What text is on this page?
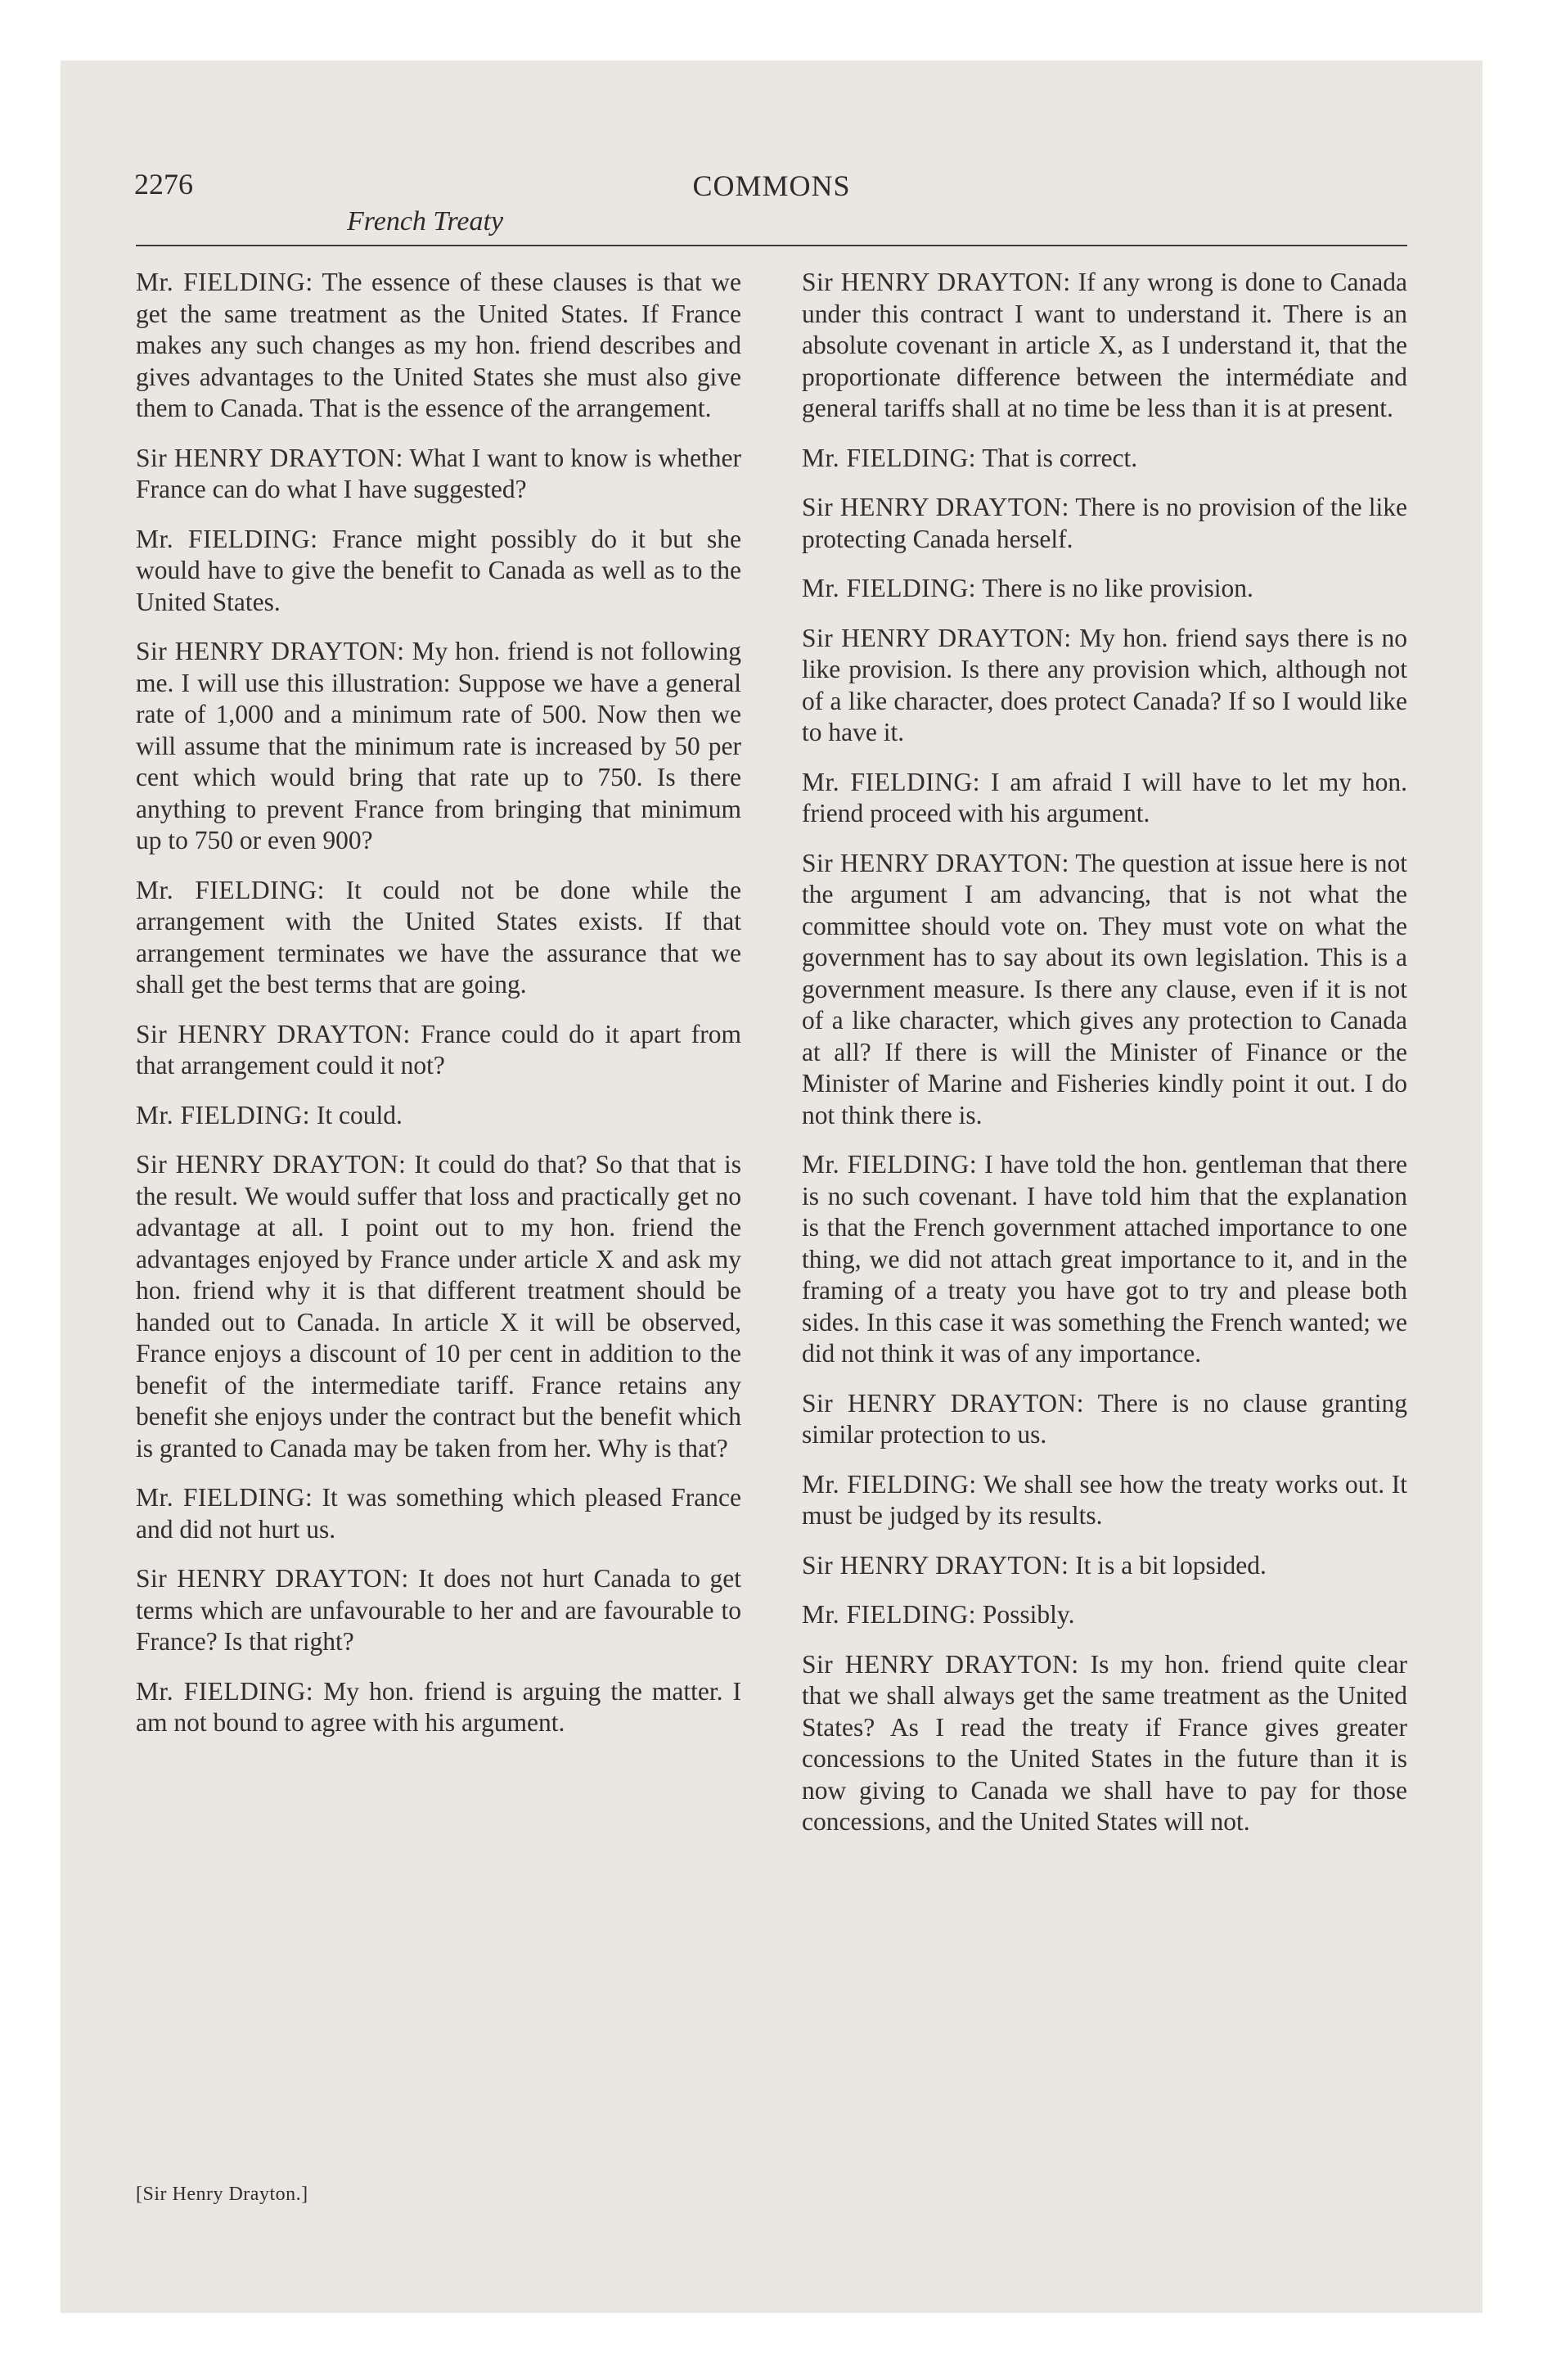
2276	COMMONS
French Treaty

Mr. FIELDING: The essence of these clauses is that we get the same treatment as the United States. If France makes any such changes as my hon. friend describes and gives advantages to the United States she must also give them to Canada. That is the essence of the arrangement.

Sir HENRY DRAYTON: What I want to know is whether France can do what I have suggested?

Mr. FIELDING: France might possibly do it but she would have to give the benefit to Canada as well as to the United States.

Sir HENRY DRAYTON: My hon. friend is not following me. I will use this illustration: Suppose we have a general rate of 1,000 and a minimum rate of 500. Now then we will assume that the minimum rate is increased by 50 per cent which would bring that rate up to 750. Is there anything to prevent France from bringing that minimum up to 750 or even 900?

Mr. FIELDING: It could not be done while the arrangement with the United States exists. If that arrangement terminates we have the assurance that we shall get the best terms that are going.

Sir HENRY DRAYTON: France could do it apart from that arrangement could it not?

Mr. FIELDING: It could.

Sir HENRY DRAYTON: It could do that? So that that is the result. We would suffer that loss and practically get no advantage at all. I point out to my hon. friend the advantages enjoyed by France under article X and ask my hon. friend why it is that different treatment should be handed out to Canada. In article X it will be observed, France enjoys a discount of 10 per cent in addition to the benefit of the intermediate tariff. France retains any benefit she enjoys under the contract but the benefit which is granted to Canada may be taken from her. Why is that?

Mr. FIELDING: It was something which pleased France and did not hurt us.

Sir HENRY DRAYTON: It does not hurt Canada to get terms which are unfavourable to her and are favourable to France? Is that right?

Mr. FIELDING: My hon. friend is arguing the matter. I am not bound to agree with his argument.

Sir HENRY DRAYTON: If any wrong is done to Canada under this contract I want to understand it. There is an absolute covenant in article X, as I understand it, that the proportionate difference between the intermédiate and general tariffs shall at no time be less than it is at present.

Mr. FIELDING: That is correct.

Sir HENRY DRAYTON: There is no provision of the like protecting Canada herself.

Mr. FIELDING: There is no like provision.

Sir HENRY DRAYTON: My hon. friend says there is no like provision. Is there any provision which, although not of a like character, does protect Canada? If so I would like to have it.

Mr. FIELDING: I am afraid I will have to let my hon. friend proceed with his argument.

Sir HENRY DRAYTON: The question at issue here is not the argument I am advancing, that is not what the committee should vote on. They must vote on what the government has to say about its own legislation. This is a government measure. Is there any clause, even if it is not of a like character, which gives any protection to Canada at all? If there is will the Minister of Finance or the Minister of Marine and Fisheries kindly point it out. I do not think there is.

Mr. FIELDING: I have told the hon. gentleman that there is no such covenant. I have told him that the explanation is that the French government attached importance to one thing, we did not attach great importance to it, and in the framing of a treaty you have got to try and please both sides. In this case it was something the French wanted; we did not think it was of any importance.

Sir HENRY DRAYTON: There is no clause granting similar protection to us.

Mr. FIELDING: We shall see how the treaty works out. It must be judged by its results.

Sir HENRY DRAYTON: It is a bit lopsided.

Mr. FIELDING: Possibly.

Sir HENRY DRAYTON: Is my hon. friend quite clear that we shall always get the same treatment as the United States? As I read the treaty if France gives greater concessions to the United States in the future than it is now giving to Canada we shall have to pay for those concessions, and the United States will not.

[Sir Henry Drayton.]
